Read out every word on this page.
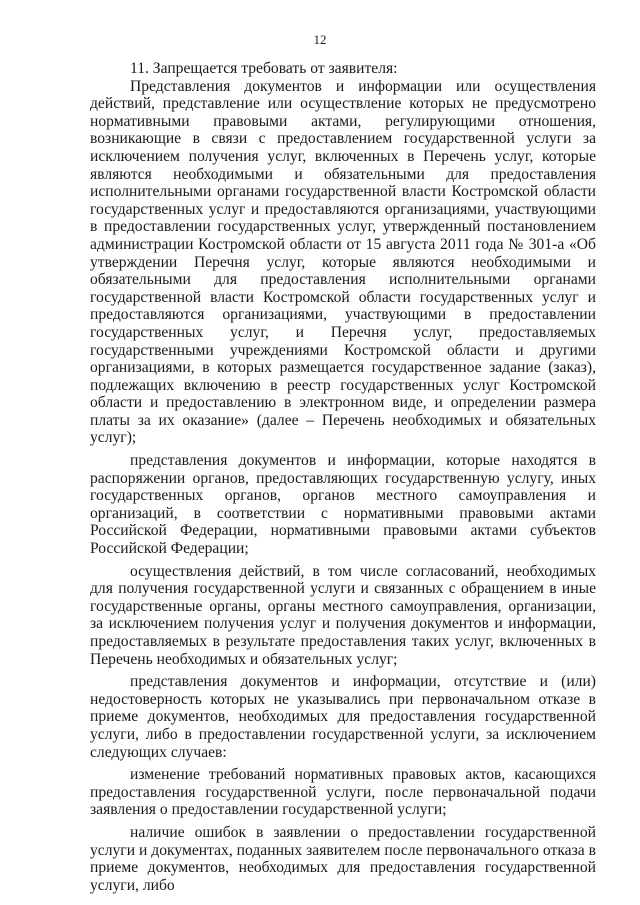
12

11. Запрещается требовать от заявителя:

Представления документов и информации или осуществления действий, представление или осуществление которых не предусмотрено нормативными правовыми актами, регулирующими отношения, возникающие в связи с предоставлением государственной услуги за исключением получения услуг, включенных в Перечень услуг, которые являются необходимыми и обязательными для предоставления исполнительными органами государственной власти Костромской области государственных услуг и предоставляются организациями, участвующими в предоставлении государственных услуг, утвержденный постановлением администрации Костромской области от 15 августа 2011 года № 301-а «Об утверждении Перечня услуг, которые являются необходимыми и обязательными для предоставления исполнительными органами государственной власти Костромской области государственных услуг и предоставляются организациями, участвующими в предоставлении государственных услуг, и Перечня услуг, предоставляемых государственными учреждениями Костромской области и другими организациями, в которых размещается государственное задание (заказ), подлежащих включению в реестр государственных услуг Костромской области и предоставлению в электронном виде, и определении размера платы за их оказание» (далее – Перечень необходимых и обязательных услуг);

представления документов и информации, которые находятся в распоряжении органов, предоставляющих государственную услугу, иных государственных органов, органов местного самоуправления и организаций, в соответствии с нормативными правовыми актами Российской Федерации, нормативными правовыми актами субъектов Российской Федерации;

осуществления действий, в том числе согласований, необходимых для получения государственной услуги и связанных с обращением в иные государственные органы, органы местного самоуправления, организации, за исключением получения услуг и получения документов и информации, предоставляемых в результате предоставления таких услуг, включенных в Перечень необходимых и обязательных услуг;

представления документов и информации, отсутствие и (или) недостоверность которых не указывались при первоначальном отказе в приеме документов, необходимых для предоставления государственной услуги, либо в предоставлении государственной услуги, за исключением следующих случаев:

изменение требований нормативных правовых актов, касающихся предоставления государственной услуги, после первоначальной подачи заявления о предоставлении государственной услуги;

наличие ошибок в заявлении о предоставлении государственной услуги и документах, поданных заявителем после первоначального отказа в приеме документов, необходимых для предоставления государственной услуги, либо
